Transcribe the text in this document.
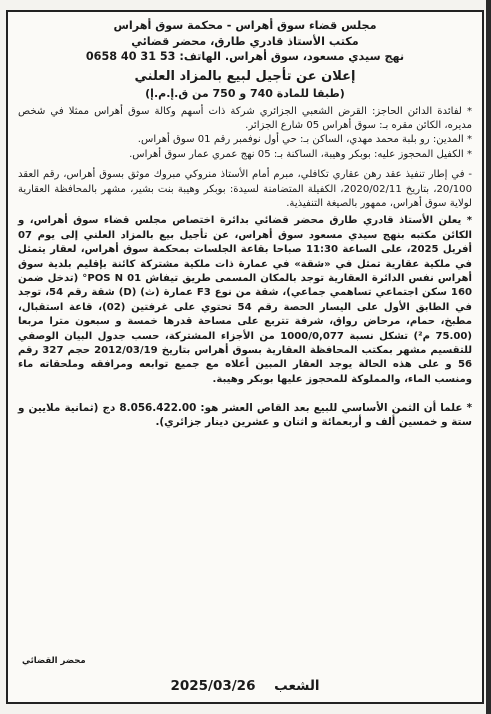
مجلس قضاء سوق أهراس - محكمة سوق أهراس
مكتب الأستاذ قادري طارق، محضر قضائي
نهج سيدي مسعود، سوق أهراس. الهاتف: 53 31 40 0658
إعلان عن تأجيل لبيع بالمزاد العلني
(طبقا للمادة 740 و 750 من ق.إ.م.إ)

* لفائدة الدائن الحاجز: القرض الشعبي الجزائري شركة ذات أسهم وكالة سوق أهراس ممثلا في شخص مديره، الكائن مقره بـ: سوق أهراس 05 شارع الجزائر.

* المدين: رو بلبة محمد مهدي، الساكن بـ: حي أول نوفمبر رقم 01 سوق أهراس.

* الكفيل المحجوز عليه: بوبكر وهيبة، الساكنة بـ: 05 نهج عمري عمار سوق أهراس.

- في إطار تنفيذ عقد رهن عقاري تكافلي، مبرم أمام الأستاذ منروكي مبروك موثق بسوق أهراس، رقم العقد 20/100، بتاريخ 2020/02/11، الكفيلة المتضامنة لسيدة: بوبكر وهيبة بنت بشير، مشهر بالمحافظة العقارية لولاية سوق أهراس، ممهور بالصيغة التنفيذية.

* يعلن الأستاذ قادري طارق محضر قضائي بدائرة اختصاص مجلس قضاء سوق أهراس، و الكائن مكتبه بنهج سيدي مسعود سوق أهراس، عن تأجيل بيع بالمزاد العلني إلى يوم 07 أفريل 2025، على الساعة 11:30 صباحا بقاعة الجلسات بمحكمة سوق أهراس، لعقار يتمثل في ملكية عقارية تمثل في «شقة» في عمارة ذات ملكية مشتركة كائنة بإقليم بلدية سوق أهراس نفس الدائرة العقارية توجد بالمكان المسمى طريق تيفاش 01 POS N° (تدخل ضمن 160 سكن اجتماعي تساهمي جماعي)، شقة من نوع F3 عمارة (ث) (D) شقة رقم 54، توجد في الطابق الأول على اليسار الحصة رقم 54 تحتوي على غرفتين (02)، قاعة استقبال، مطبخ، حمام، مرحاض رواق، شرفة تتربع على مساحة قدرها خمسة و سبعون مترا مربعا (75.00 م²) تشكل نسبة 1000/0,077 من الأجزاء المشتركة، حسب جدول البيان الوصفي للتقسيم مشهر بمكتب المحافظة العقارية بسوق أهراس بتاريخ 2012/03/19 حجم 327 رقم 56 و على هذه الحالة يوجد العقار المبين أعلاه مع جميع توابعه ومرافقه وملحقاته ماء ومنسب الماء، والمملوكة للمحجوز عليها بوبكر وهيبة.

* علما أن الثمن الأساسي للبيع بعد القاص العشر هو: 8.056.422.00 دج (ثمانية ملايين و ستة و خمسين ألف و أربعمائة و اثنان و عشرين دينار جزائري).

محضر القضائي
2025/03/26 الشعب
